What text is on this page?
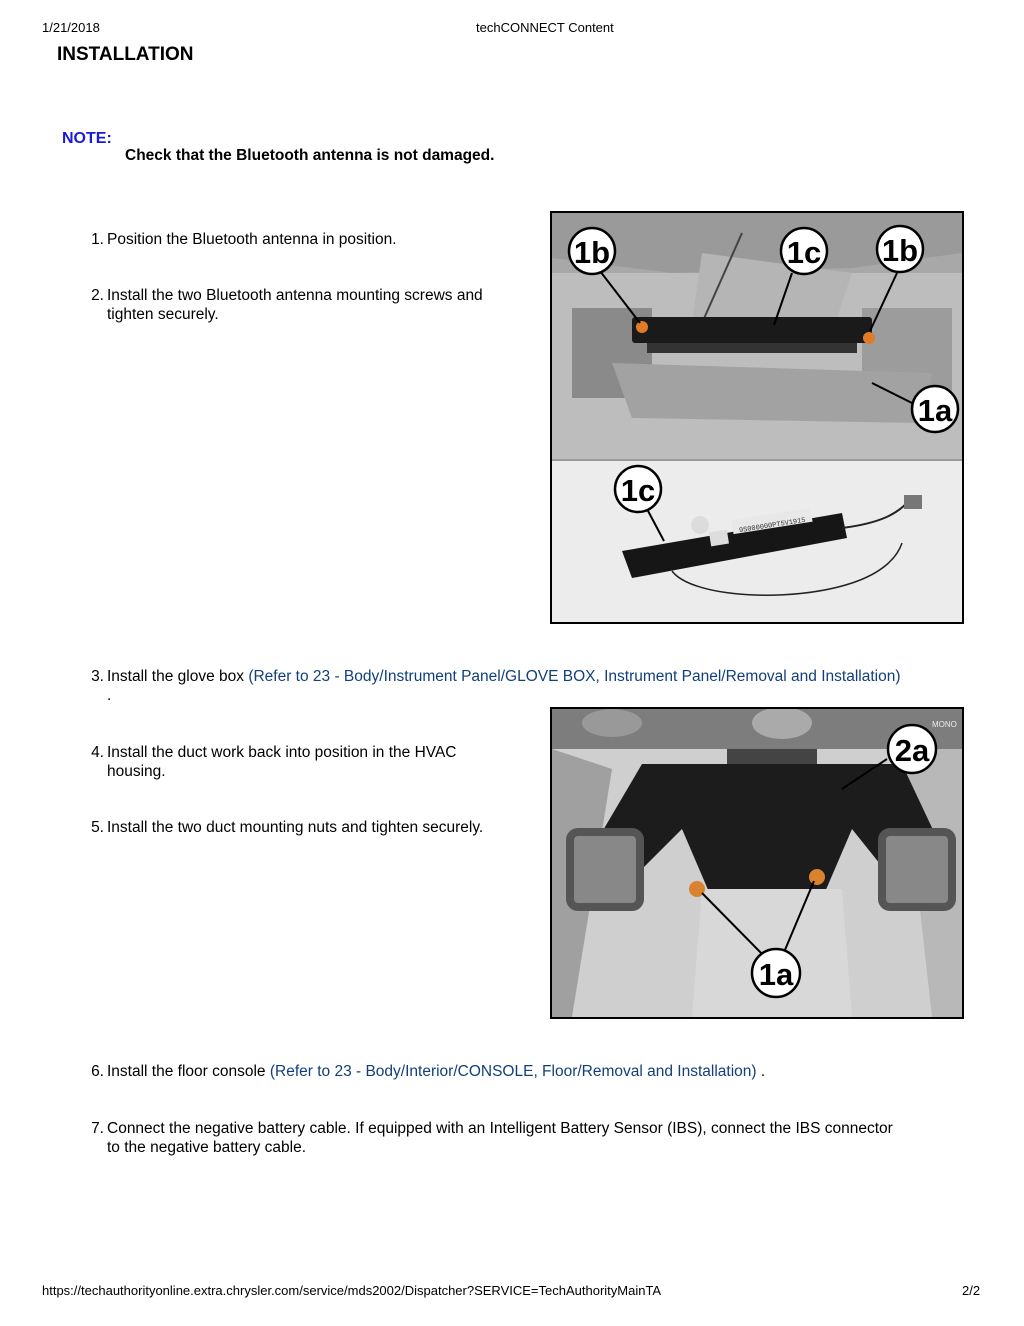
1/21/2018	techCONNECT Content
INSTALLATION
NOTE:
Check that the Bluetooth antenna is not damaged.
1. Position the Bluetooth antenna in position.
2. Install the two Bluetooth antenna mounting screws and
tighten securely.
1b	1c 1b
1a
9S000000PT5V1915
1c
3. Install the glove box (Refer to 23 - Body/Instrument Panel/GLOVE BOX, Instrument Panel/Removal and Installation)
.
4. Install the duct work back into position in the HVAC
housing.
5. Install the two duct mounting nuts and tighten securely.
MONO
2a
1a
6. Install the floor console (Refer to 23 - Body/Interior/CONSOLE, Floor/Removal and Installation) .
7. Connect the negative battery cable. If equipped with an Intelligent Battery Sensor (IBS), connect the IBS connector
to the negative battery cable.
https://techauthorityonline.extra.chrysler.com/service/mds2002/Dispatcher?SERVICE=TechAuthorityMainTA	2/2
